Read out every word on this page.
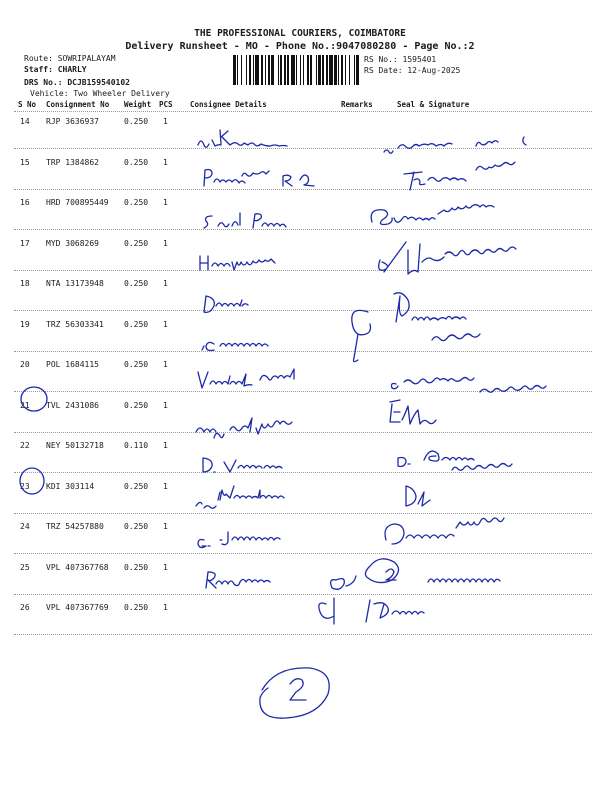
THE PROFESSIONAL COURIERS, COIMBATORE
Delivery Runsheet - MO - Phone No.:9047080280 - Page No.:2
Route: SOWRIPALAYAM
Staff: CHARLY
DRS No.: DCJB159540102
Vehicle: Two Wheeler Delivery
RS No.: 1595401
RS Date: 12-Aug-2025
S No Consignment No Weight PCS Consignee Details	Remarks	Seal & Signature
14 RJP 3636937	0.250 1
15 TRP 1384862	0.250 1
16 HRD 700895449 0.250 1
17 MYD 3068269	0.250 1
18 NTA 13173948	0.250 1
19 TRZ 56303341	0.250 1
20 POL 1684115	0.250 1
21 TVL 2431086	0.250 1
22 NEY 50132718	0.110 1
23 KDI 303114	0.250 1
24 TRZ 54257880	0.250 1
25 VPL 407367768 0.250 1
26 VPL 407367769 0.250 1
